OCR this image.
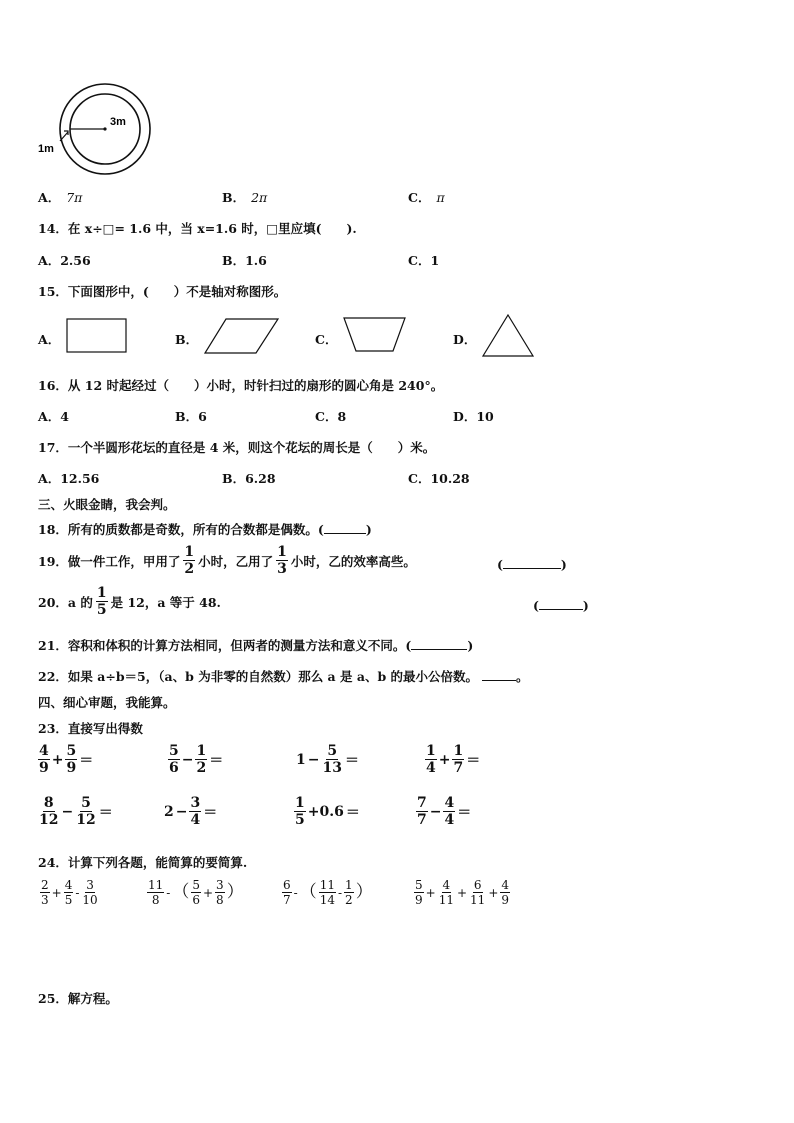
3m
1m
A． 7π	B． 2π	C． π
14．在 x÷□= 1.6 中，当 x=1.6 时，□里应填(　　).
A．2.56	B．1.6	C．1
15．下面图形中，(　　）不是轴对称图形。
A．	B．	C．	D．
16．从 12 时起经过（　　）小时，时针扫过的扇形的圆心角是 240°。
A．4	B．6	C．8	D．10
17．一个半圆形花坛的直径是 4 米，则这个花坛的周长是（　　）米。
A．12.56	B．6.28	C．10.28
三、火眼金睛，我会判。
18．所有的质数都是奇数，所有的合数都是偶数。(	)
19．做一件工作，甲用了 $\frac{1}{2}$ 小时，乙用了 $\frac{1}{3}$ 小时，乙的效率高些。	(	)
20．a 的 $\frac{1}{5}$ 是 12，a 等于 48.	(	)
21．容积和体积的计算方法相同，但两者的测量方法和意义不同。(	)
22．如果 a÷b＝5，（a、b 为非零的自然数）那么 a 是 a、b 的最小公倍数。	。
四、细心审题，我能算。
23．直接写出得数
$\frac{4}{9} + \frac{5}{9}$ ＝	$\frac{5}{6} - \frac{1}{2}$ ＝	$1 - \frac{5}{13}$ ＝	$\frac{1}{4} + \frac{1}{7}$ ＝
$\frac{8}{12} - \frac{5}{12}$ ＝	$2 - \frac{3}{4}$ ＝	$\frac{1}{5} +0.6$ ＝	$\frac{7}{7} - \frac{4}{4}$ ＝
24．计算下列各题，能简算的要简算.
$\frac{2}{3} + \frac{4}{5} - \frac{3}{10}$	$\frac{11}{8}$ - （ $\frac{5}{6} + \frac{3}{8}$ ）	$\frac{6}{7}$ - （ $\frac{11}{14} - \frac{1}{2}$ ）	$\frac{5}{9} + \frac{4}{11} + \frac{6}{11} + \frac{4}{9}$
25．解方程。
